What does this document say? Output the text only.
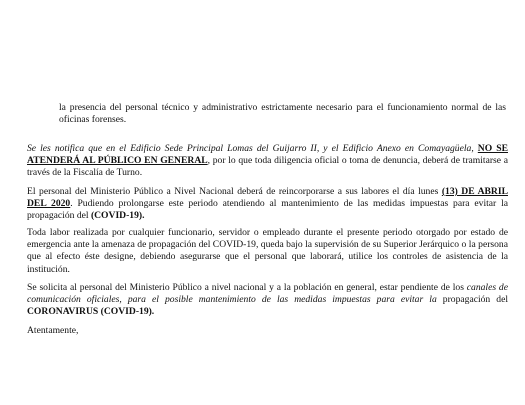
la presencia del personal técnico y administrativo estrictamente necesario para el funcionamiento normal de las oficinas forenses.

Se les notifica que en el Edificio Sede Principal Lomas del Guijarro II, y el Edificio Anexo en Comayagüela, NO SE ATENDERÁ AL PÚBLICO EN GENERAL, por lo que toda diligencia oficial o toma de denuncia, deberá de tramitarse a través de la Fiscalía de Turno.

El personal del Ministerio Público a Nivel Nacional deberá de reincorporarse a sus labores el día lunes (13) DE ABRIL DEL 2020. Pudiendo prolongarse este periodo atendiendo al mantenimiento de las medidas impuestas para evitar la propagación del (COVID-19).

Toda labor realizada por cualquier funcionario, servidor o empleado durante el presente periodo otorgado por estado de emergencia ante la amenaza de propagación del COVID-19, queda bajo la supervisión de su Superior Jerárquico o la persona que al efecto éste designe, debiendo asegurarse que el personal que laborará, utilice los controles de asistencia de la institución.

Se solicita al personal del Ministerio Público a nivel nacional y a la población en general, estar pendiente de los canales de comunicación oficiales, para el posible mantenimiento de las medidas impuestas para evitar la propagación del CORONAVIRUS (COVID-19).

Atentamente,
